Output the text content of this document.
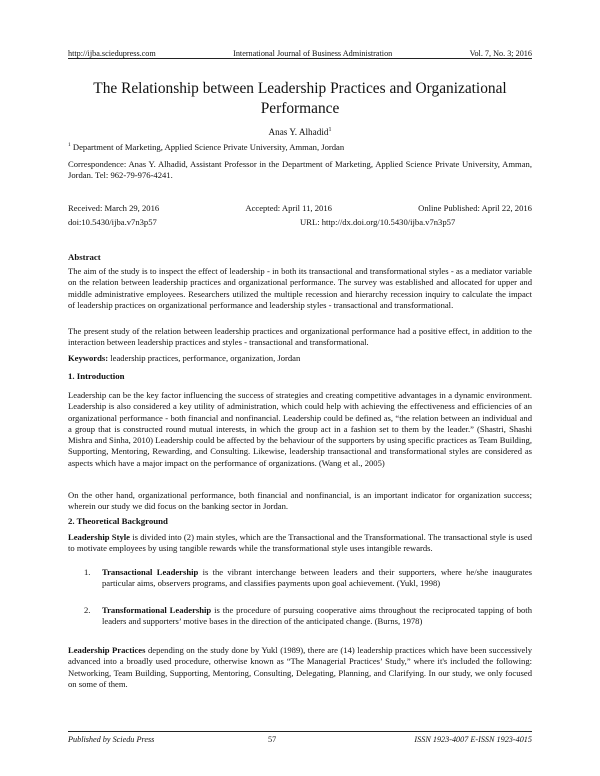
http://ijba.sciedupress.com	International Journal of Business Administration	Vol. 7, No. 3; 2016
The Relationship between Leadership Practices and Organizational Performance
Anas Y. Alhadid$^1$
$^1$ Department of Marketing, Applied Science Private University, Amman, Jordan
Correspondence: Anas Y. Alhadid, Assistant Professor in the Department of Marketing, Applied Science Private University, Amman, Jordan. Tel: 962-79-976-4241.
Received: March 29, 2016	Accepted: April 11, 2016	Online Published: April 22, 2016
doi:10.5430/ijba.v7n3p57	URL: http://dx.doi.org/10.5430/ijba.v7n3p57
Abstract
The aim of the study is to inspect the effect of leadership - in both its transactional and transformational styles - as a mediator variable on the relation between leadership practices and organizational performance. The survey was established and allocated for upper and middle administrative employees. Researchers utilized the multiple recession and hierarchy recession inquiry to calculate the impact of leadership practices on organizational performance and leadership styles - transactional and transformational.
The present study of the relation between leadership practices and organizational performance had a positive effect, in addition to the interaction between leadership practices and styles - transactional and transformational.
Keywords: leadership practices, performance, organization, Jordan
1. Introduction
Leadership can be the key factor influencing the success of strategies and creating competitive advantages in a dynamic environment. Leadership is also considered a key utility of administration, which could help with achieving the effectiveness and efficiencies of an organizational performance - both financial and nonfinancial. Leadership could be defined as, “the relation between an individual and a group that is constructed round mutual interests, in which the group act in a fashion set to them by the leader.” (Shastri, Shashi Mishra and Sinha, 2010) Leadership could be affected by the behaviour of the supporters by using specific practices as Team Building, Supporting, Mentoring, Rewarding, and Consulting. Likewise, leadership transactional and transformational styles are considered as aspects which have a major impact on the performance of organizations. (Wang et al., 2005)
On the other hand, organizational performance, both financial and nonfinancial, is an important indicator for organization success; wherein our study we did focus on the banking sector in Jordan.
2. Theoretical Background
Leadership Style is divided into (2) main styles, which are the Transactional and the Transformational. The transactional style is used to motivate employees by using tangible rewards while the transformational style uses intangible rewards.
1. Transactional Leadership is the vibrant interchange between leaders and their supporters, where he/she inaugurates particular aims, observers programs, and classifies payments upon goal achievement. (Yukl, 1998)
2. Transformational Leadership is the procedure of pursuing cooperative aims throughout the reciprocated tapping of both leaders and supporters’ motive bases in the direction of the anticipated change. (Burns, 1978)
Leadership Practices depending on the study done by Yukl (1989), there are (14) leadership practices which have been successively advanced into a broadly used procedure, otherwise known as “The Managerial Practices’ Study,” where it's included the following: Networking, Team Building, Supporting, Mentoring, Consulting, Delegating, Planning, and Clarifying. In our study, we only focused on some of them.
Published by Sciedu Press	57	ISSN 1923-4007 E-ISSN 1923-4015
